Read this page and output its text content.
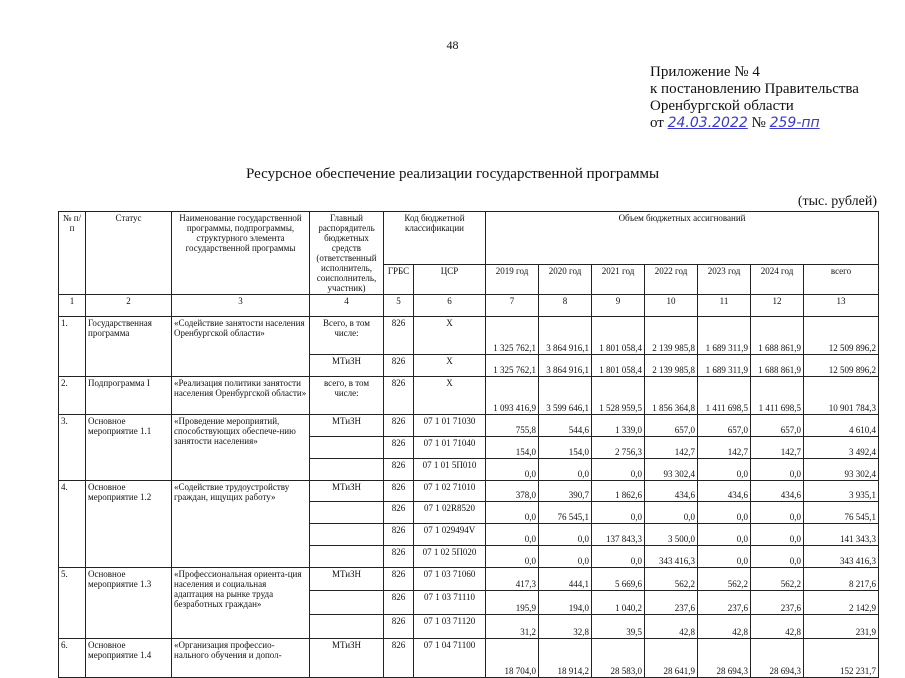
48
Приложение № 4
к постановлению Правительства
Оренбургской области
от 24.03.2022 № 259-пп
Ресурсное обеспечение реализации государственной программы
(тыс. рублей)
№ п/п	Статус	Наименование государственной программы, подпрограммы, структурного элемента государственной программы	Главный распорядитель бюджетных средств (ответственный исполнитель, соисполнитель, участник)	Код бюджетной классификации		Объем бюджетных ассигнований						
				ГРБС	ЦСР	2019 год	2020 год	2021 год	2022 год	2023 год	2024 год	всего
1	2	3	4	5	6	7	8	9	10	11	12	13
1.	Государственная программа	«Содействие занятости населения Оренбургской области»	Всего, в том числе:	826	Х	1 325 762,1	3 864 916,1	1 801 058,4	2 139 985,8	1 689 311,9	1 688 861,9	12 509 896,2
			МТиЗН	826	Х	1 325 762,1	3 864 916,1	1 801 058,4	2 139 985,8	1 689 311,9	1 688 861,9	12 509 896,2
2.	Подпрограмма I	«Реализация политики занятости населения Оренбургской области»	всего, в том числе:	826	Х	1 093 416,9	3 599 646,1	1 528 959,5	1 856 364,8	1 411 698,5	1 411 698,5	10 901 784,3
3.	Основное мероприятие 1.1	«Проведение мероприятий, способствующих обеспече-нию занятости населения»	МТиЗН	826	07 1 01 71030	755,8	544,6	1 339,0	657,0	657,0	657,0	4 610,4
				826	07 1 01 71040	154,0	154,0	2 756,3	142,7	142,7	142,7	3 492,4
				826	07 1 01 5П010	0,0	0,0	0,0	93 302,4	0,0	0,0	93 302,4
4.	Основное мероприятие 1.2	«Содействие трудоустройству граждан, ищущих работу»	МТиЗН	826	07 1 02 71010	378,0	390,7	1 862,6	434,6	434,6	434,6	3 935,1
				826	07 1 02R8520	0,0	76 545,1	0,0	0,0	0,0	0,0	76 545,1
				826	07 1 029494V	0,0	0,0	137 843,3	3 500,0	0,0	0,0	141 343,3
				826	07 1 02 5П020	0,0	0,0	0,0	343 416,3	0,0	0,0	343 416,3
5.	Основное мероприятие 1.3	«Профессиональная ориента-ция населения и социальная адаптация на рынке труда безработных граждан»	МТиЗН	826	07 1 03 71060	417,3	444,1	5 669,6	562,2	562,2	562,2	8 217,6
				826	07 1 03 71110	195,9	194,0	1 040,2	237,6	237,6	237,6	2 142,9
				826	07 1 03 71120	31,2	32,8	39,5	42,8	42,8	42,8	231,9
6.	Основное мероприятие 1.4	«Организация профессио-нального обучения и допол-	МТиЗН	826	07 1 04 71100	18 704,0	18 914,2	28 583,0	28 641,9	28 694,3	28 694,3	152 231,7
